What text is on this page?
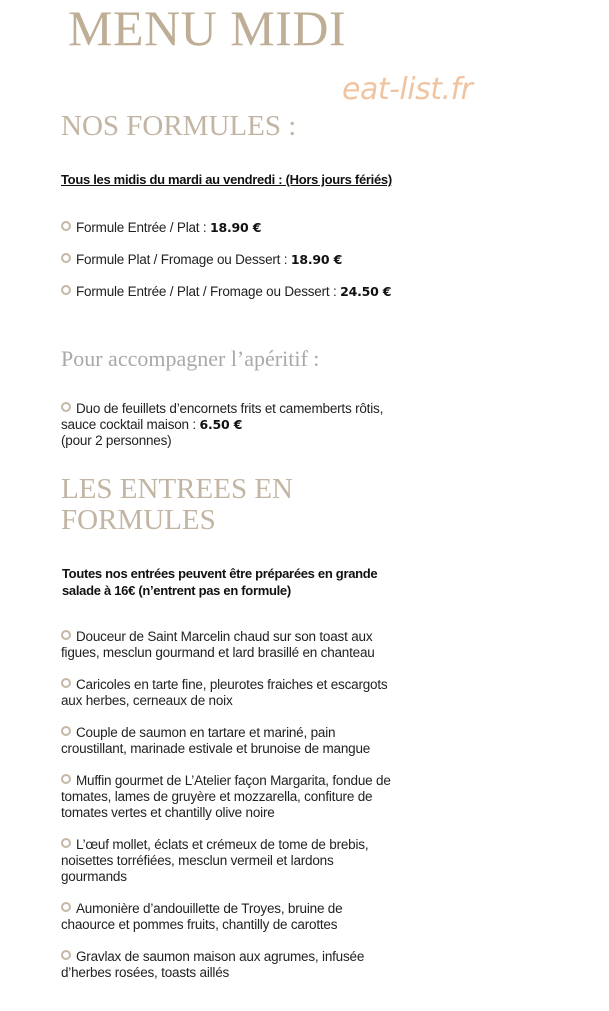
MENU MIDI
eat-list.fr
NOS FORMULES :
Tous les midis du mardi au vendredi : (Hors jours fériés)
Formule Entrée / Plat : 18.90 €
Formule Plat / Fromage ou Dessert : 18.90 €
Formule Entrée / Plat / Fromage ou Dessert : 24.50 €
Pour accompagner l’apéritif :
Duo de feuillets d’encornets frits et camemberts rôtis,
sauce cocktail maison : 6.50 €
(pour 2 personnes)
LES ENTREES EN
FORMULES
Toutes nos entrées peuvent être préparées en grande
salade à 16€ (n’entrent pas en formule)
Douceur de Saint Marcelin chaud sur son toast aux
figues, mesclun gourmand et lard brasillé en chanteau
Caricoles en tarte fine, pleurotes fraiches et escargots
aux herbes, cerneaux de noix
Couple de saumon en tartare et mariné, pain
croustillant, marinade estivale et brunoise de mangue
Muffin gourmet de L’Atelier façon Margarita, fondue de
tomates, lames de gruyère et mozzarella, confiture de
tomates vertes et chantilly olive noire
L’œuf mollet, éclats et crémeux de tome de brebis,
noisettes torréfiées, mesclun vermeil et lardons
gourmands
Aumonière d’andouillette de Troyes, bruine de
chaource et pommes fruits, chantilly de carottes
Gravlax de saumon maison aux agrumes, infusée
d’herbes rosées, toasts aillés
